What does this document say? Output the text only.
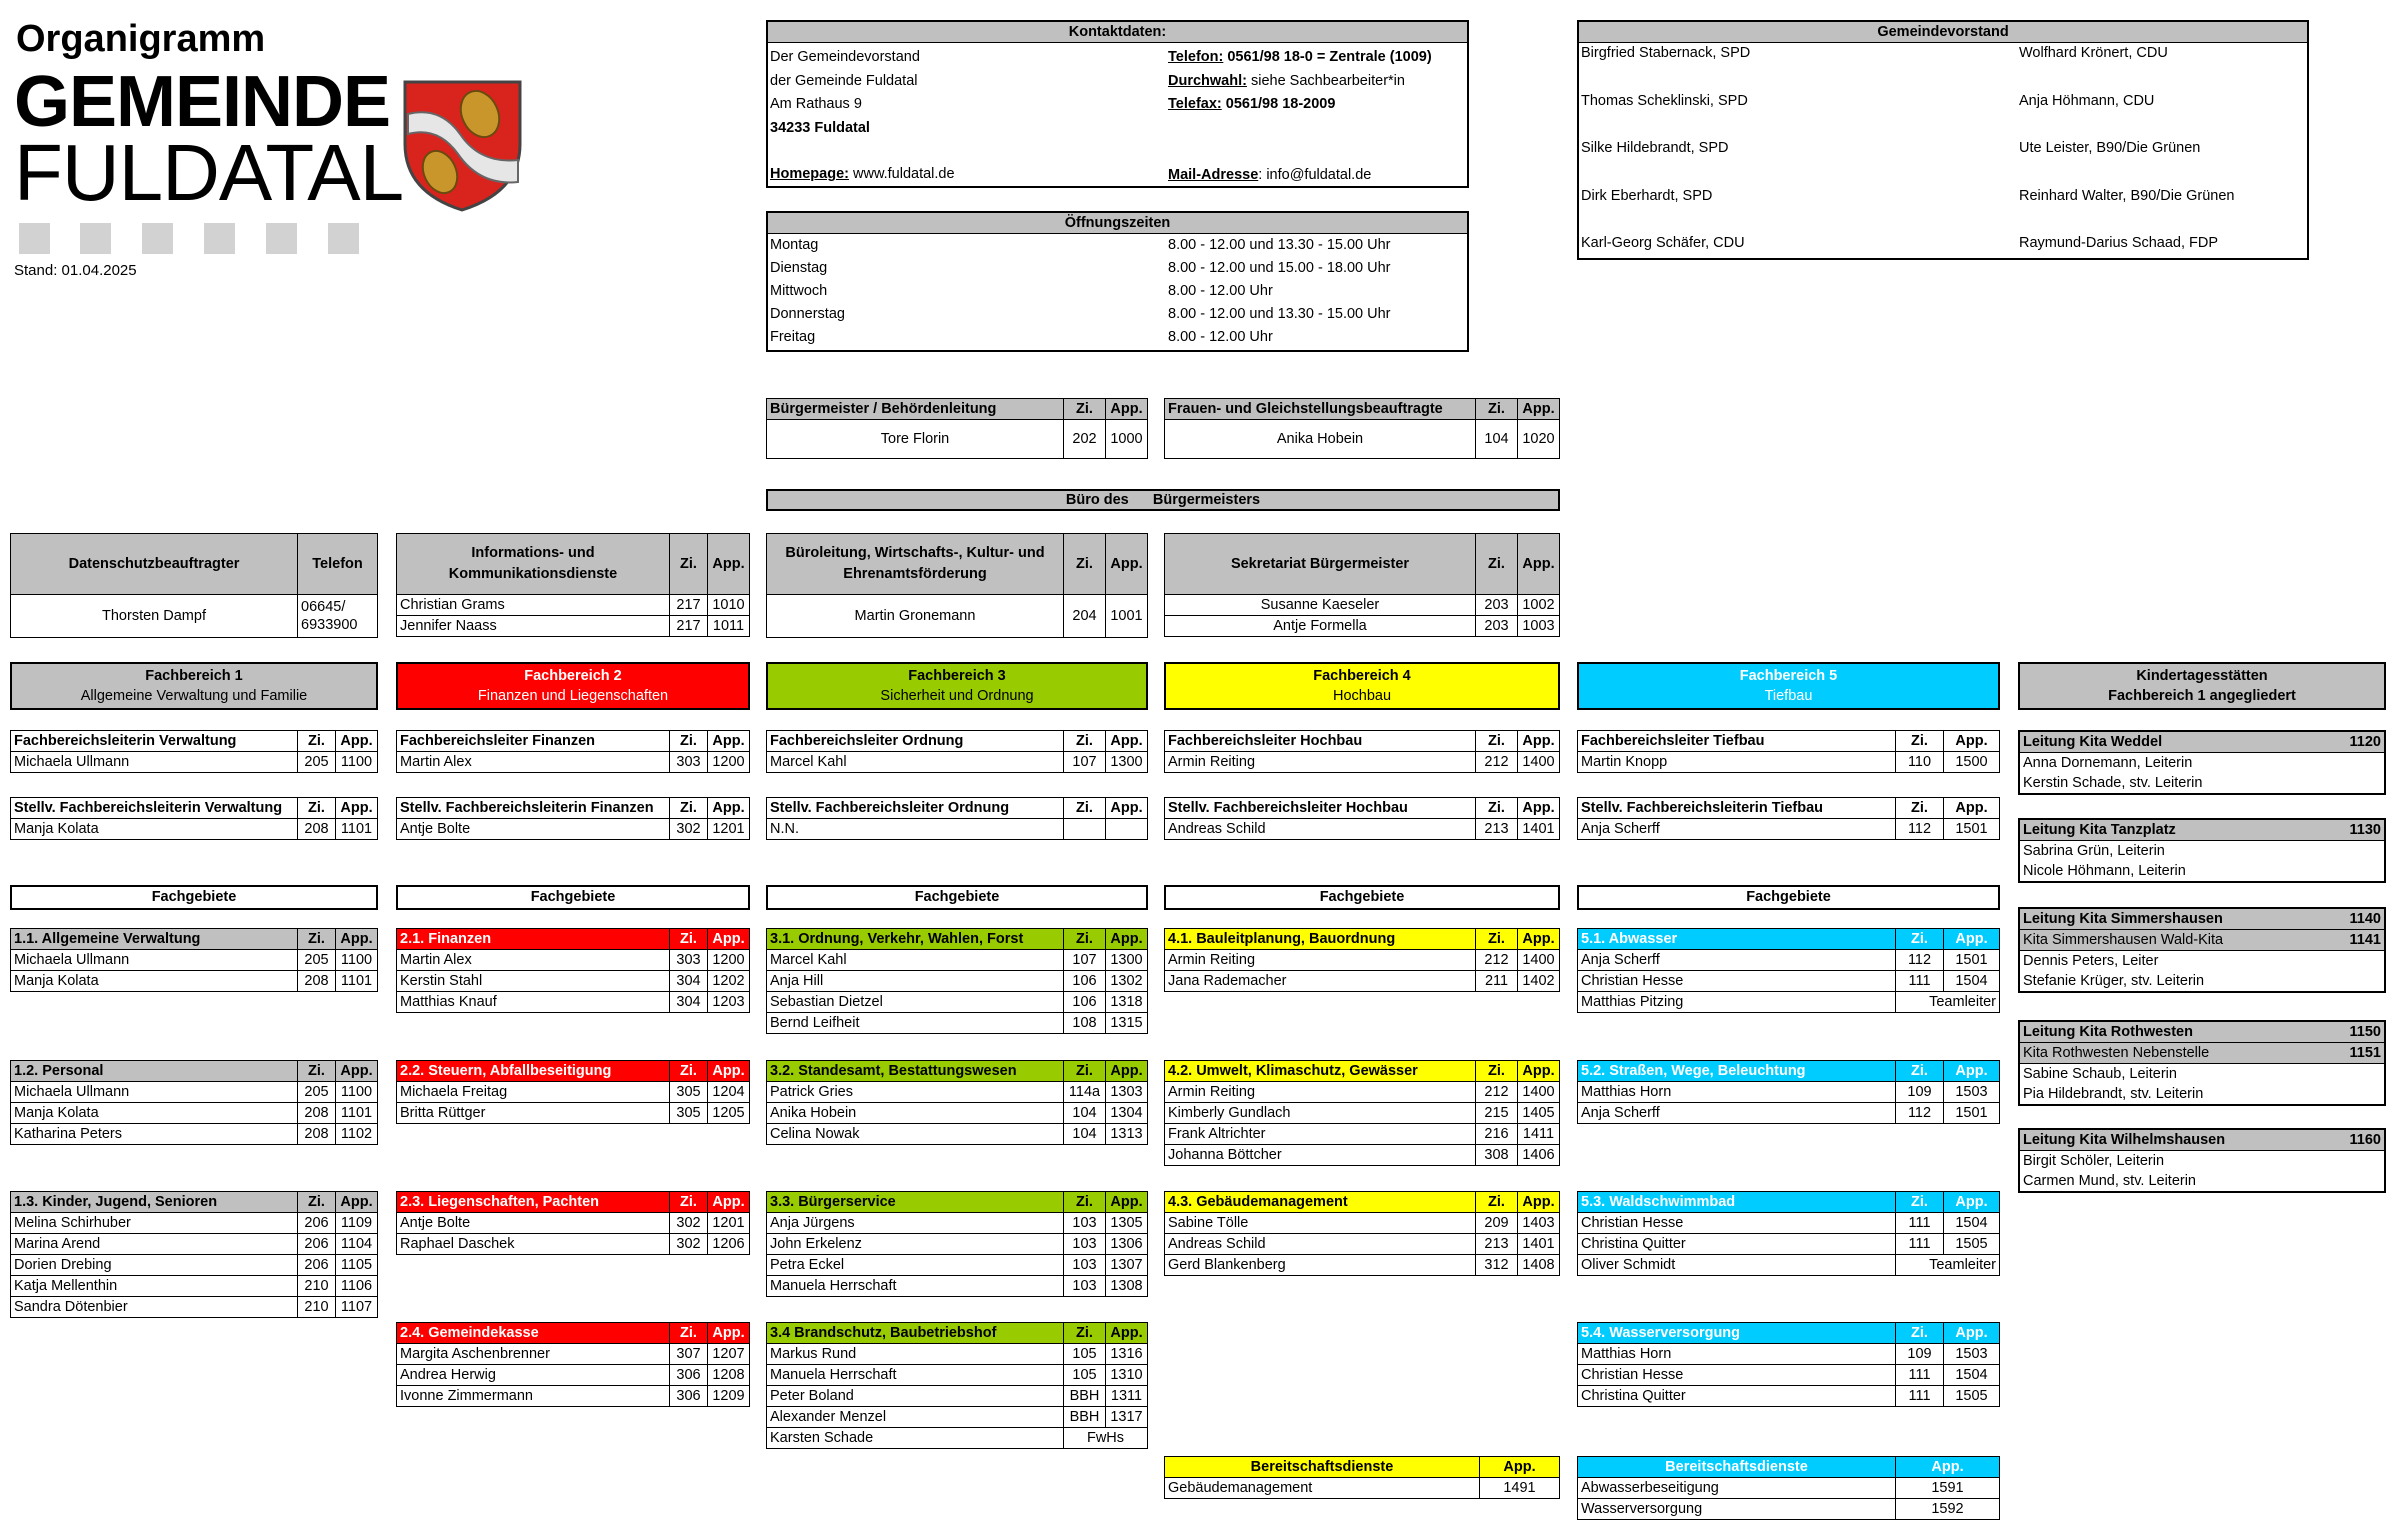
Organigramm
GEMEINDE
FULDATAL
Stand: 01.04.2025
Kontaktdaten:
Der Gemeindevorstand
der Gemeinde Fuldatal
Am Rathaus 9
34233 Fuldatal
Homepage: www.fuldatal.de
Telefon: 0561/98 18-0 = Zentrale (1009)
Durchwahl: siehe Sachbearbeiter*in
Telefax: 0561/98 18-2009
Mail-Adresse: info@fuldatal.de
Öffnungszeiten
Montag	8.00 - 12.00 und 13.30 - 15.00 Uhr
Dienstag	8.00 - 12.00 und 15.00 - 18.00 Uhr
Mittwoch	8.00 - 12.00 Uhr
Donnerstag	8.00 - 12.00 und 13.30 - 15.00 Uhr
Freitag	8.00 - 12.00 Uhr
Gemeindevorstand
Birgfried Stabernack, SPD	Wolfhard Krönert, CDU
Thomas Scheklinski, SPD	Anja Höhmann, CDU
Silke Hildebrandt, SPD	Ute Leister, B90/Die Grünen
Dirk Eberhardt, SPD	Reinhard Walter, B90/Die Grünen
Karl-Georg Schäfer, CDU	Raymund-Darius Schaad, FDP
Bürgermeister / Behördenleitung	Zi.	App.
Tore Florin	202	1000
Frauen- und Gleichstellungsbeauftragte	Zi.	App.
Anika Hobein	104	1020
Büro des      Bürgermeisters
Datenschutzbeauftragter	Telefon
Thorsten Dampf	06645/
6933900
Informations- und Kommunikationsdienste	Zi.	App.
Christian Grams	217	1010
Jennifer Naass	217	1011
Büroleitung, Wirtschafts-, Kultur- und Ehrenamtsförderung	Zi.	App.
Martin Gronemann	204	1001
Sekretariat Bürgermeister	Zi.	App.
Susanne Kaeseler	203	1002
Antje Formella	203	1003
Fachbereich 1
Allgemeine Verwaltung und Familie
Fachbereichsleiterin Verwaltung	Zi.	App.
Michaela Ullmann	205	1100
Stellv. Fachbereichsleiterin Verwaltung	Zi.	App.
Manja Kolata	208	1101
Fachgebiete
1.1. Allgemeine Verwaltung	Zi.	App.
Michaela Ullmann	205	1100
Manja Kolata	208	1101
1.2. Personal	Zi.	App.
Michaela Ullmann	205	1100
Manja Kolata	208	1101
Katharina Peters	208	1102
1.3. Kinder, Jugend, Senioren	Zi.	App.
Melina Schirhuber	206	1109
Marina Arend	206	1104
Dorien Drebing	206	1105
Katja Mellenthin	210	1106
Sandra Dötenbier	210	1107
Fachbereich 2
Finanzen und Liegenschaften
Fachbereichsleiter Finanzen	Zi.	App.
Martin Alex	303	1200
Stellv. Fachbereichsleiterin Finanzen	Zi.	App.
Antje Bolte	302	1201
Fachgebiete
2.1. Finanzen	Zi.	App.
Martin Alex	303	1200
Kerstin Stahl	304	1202
Matthias Knauf	304	1203
2.2. Steuern, Abfallbeseitigung	Zi.	App.
Michaela Freitag	305	1204
Britta Rüttger	305	1205
2.3. Liegenschaften, Pachten	Zi.	App.
Antje Bolte	302	1201
Raphael Daschek	302	1206
2.4. Gemeindekasse	Zi.	App.
Margita Aschenbrenner	307	1207
Andrea Herwig	306	1208
Ivonne Zimmermann	306	1209
Fachbereich 3
Sicherheit und Ordnung
Fachbereichsleiter Ordnung	Zi.	App.
Marcel Kahl	107	1300
Stellv. Fachbereichsleiter Ordnung	Zi.	App.
N.N.		
Fachgebiete
3.1. Ordnung, Verkehr, Wahlen, Forst	Zi.	App.
Marcel Kahl	107	1300
Anja Hill	106	1302
Sebastian Dietzel	106	1318
Bernd Leifheit	108	1315
3.2. Standesamt, Bestattungswesen	Zi.	App.
Patrick Gries	114a	1303
Anika Hobein	104	1304
Celina Nowak	104	1313
3.3. Bürgerservice	Zi.	App.
Anja Jürgens	103	1305
John Erkelenz	103	1306
Petra Eckel	103	1307
Manuela Herrschaft	103	1308
3.4 Brandschutz, Baubetriebshof	Zi.	App.
Markus Rund	105	1316
Manuela Herrschaft	105	1310
Peter Boland	BBH	1311
Alexander Menzel	BBH	1317
Karsten Schade	FwHs	
Fachbereich 4
Hochbau
Fachbereichsleiter Hochbau	Zi.	App.
Armin Reiting	212	1400
Stellv. Fachbereichsleiter Hochbau	Zi.	App.
Andreas Schild	213	1401
Fachgebiete
4.1. Bauleitplanung, Bauordnung	Zi.	App.
Armin Reiting	212	1400
Jana Rademacher	211	1402
4.2. Umwelt, Klimaschutz, Gewässer	Zi.	App.
Armin Reiting	212	1400
Kimberly Gundlach	215	1405
Frank Altrichter	216	1411
Johanna Böttcher	308	1406
4.3. Gebäudemanagement	Zi.	App.
Sabine Tölle	209	1403
Andreas Schild	213	1401
Gerd Blankenberg	312	1408
Bereitschaftsdienste	App.
Gebäudemanagement	1491
Fachbereich 5
Tiefbau
Fachbereichsleiter Tiefbau	Zi.	App.
Martin Knopp	110	1500
Stellv. Fachbereichsleiterin Tiefbau	Zi.	App.
Anja Scherff	112	1501
Fachgebiete
5.1. Abwasser	Zi.	App.
Anja Scherff	112	1501
Christian Hesse	111	1504
Matthias Pitzing	Teamleiter	
5.2. Straßen, Wege, Beleuchtung	Zi.	App.
Matthias Horn	109	1503
Anja Scherff	112	1501
5.3. Waldschwimmbad	Zi.	App.
Christian Hesse	111	1504
Christina Quitter	111	1505
Oliver Schmidt	Teamleiter	
5.4. Wasserversorgung	Zi.	App.
Matthias Horn	109	1503
Christian Hesse	111	1504
Christina Quitter	111	1505
Bereitschaftsdienste	App.
Abwasserbeseitigung	1591
Wasserversorgung	1592
Kindertagesstätten
Fachbereich 1 angegliedert
Leitung Kita Weddel	1120
Anna Dornemann, Leiterin
Kerstin Schade, stv. Leiterin
Leitung Kita Tanzplatz	1130
Sabrina Grün, Leiterin
Nicole Höhmann, Leiterin
Leitung Kita Simmershausen	1140
Kita Simmershausen Wald-Kita	1141
Dennis Peters, Leiter	
Stefanie Krüger, stv. Leiterin	
Leitung Kita Rothwesten	1150
Kita Rothwesten Nebenstelle	1151
Sabine Schaub, Leiterin	
Pia Hildebrandt, stv. Leiterin	
Leitung Kita Wilhelmshausen	1160
Birgit Schöler, Leiterin
Carmen Mund, stv. Leiterin
